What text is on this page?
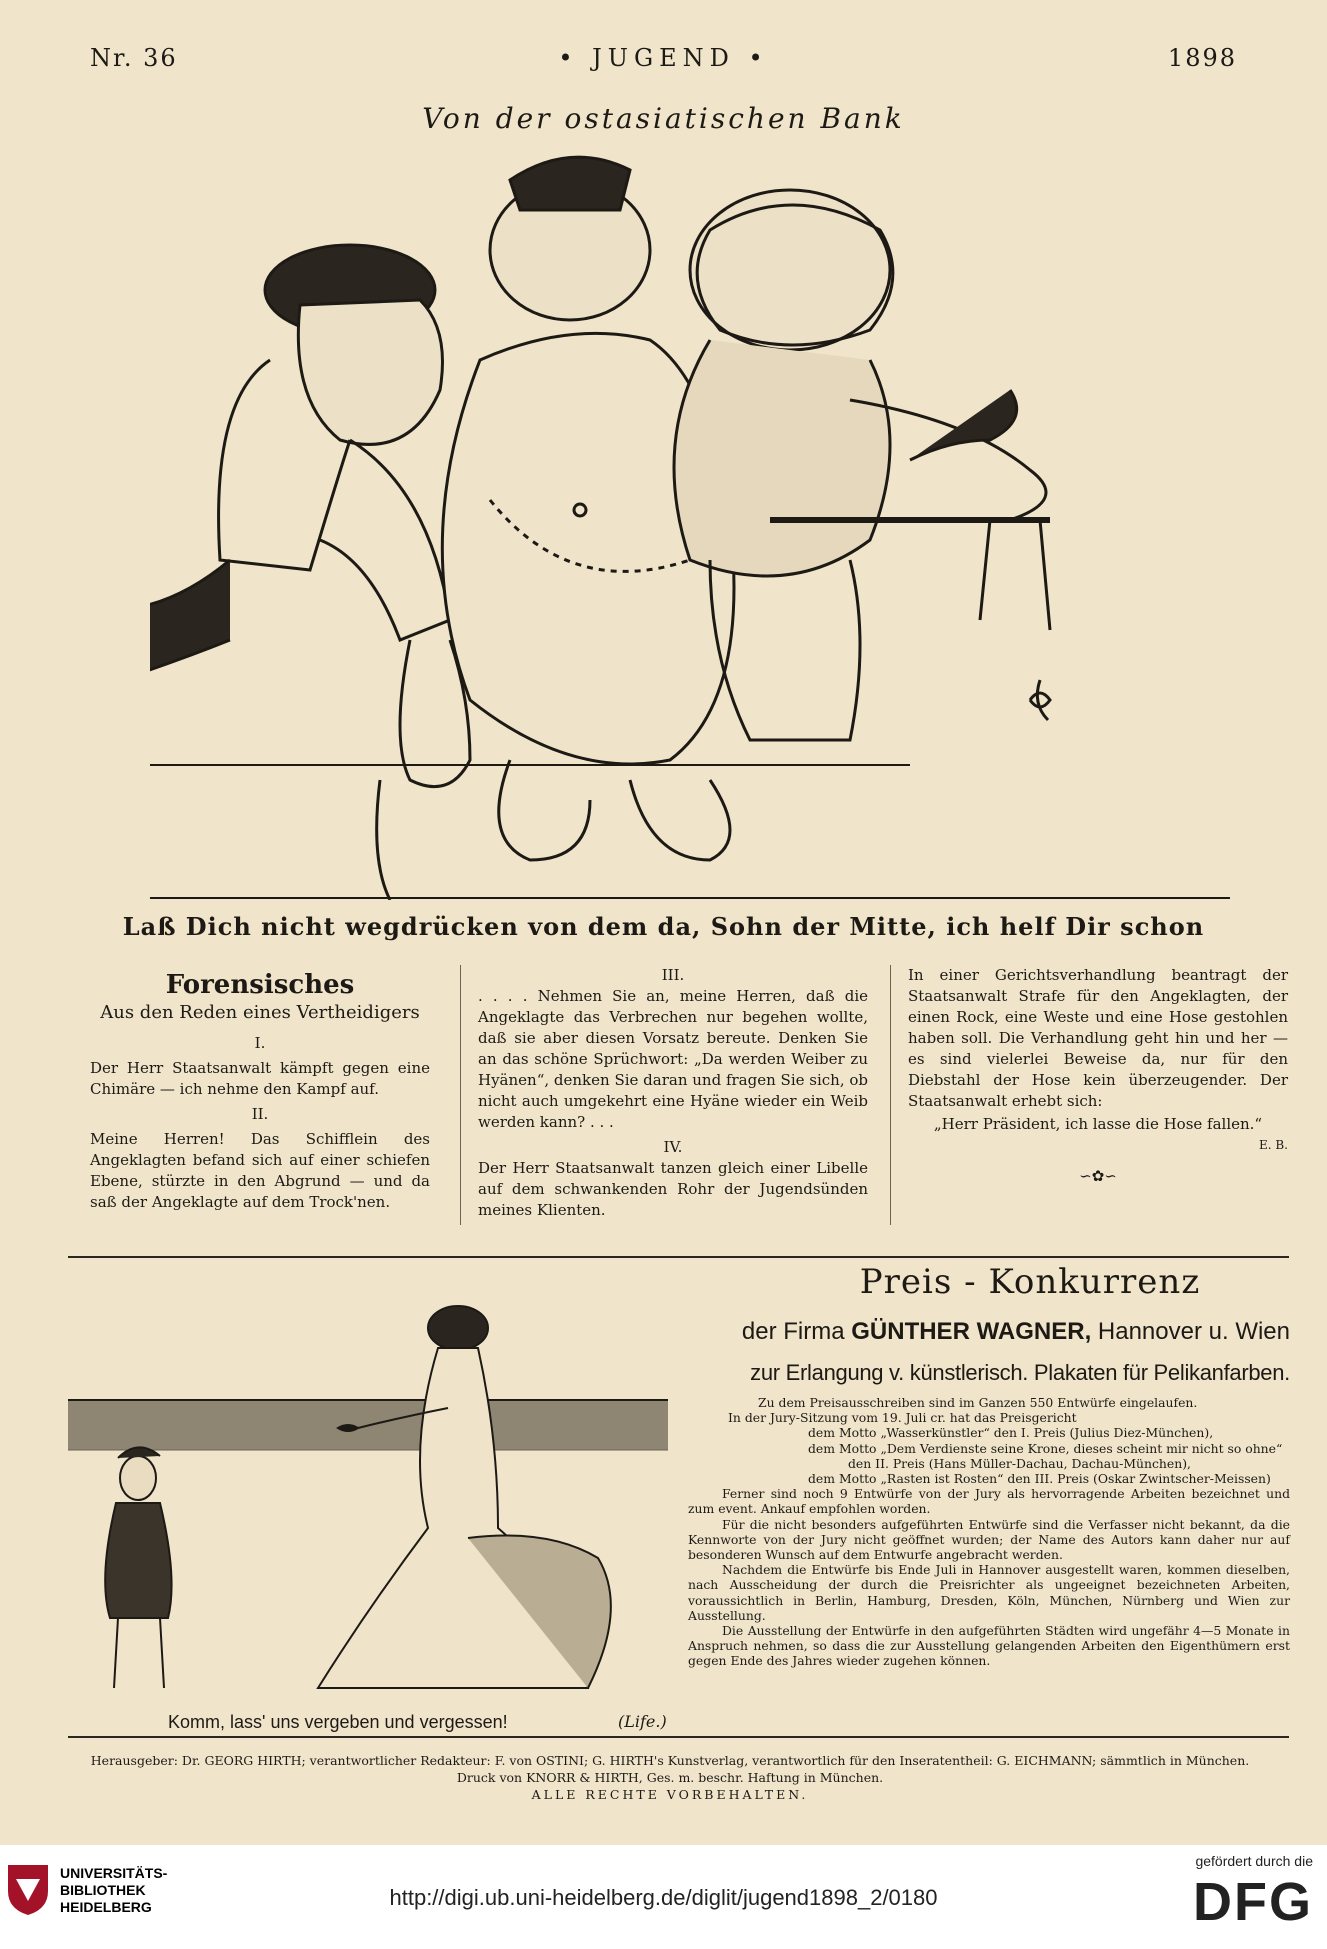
Nr. 36	• JUGEND •	1898
Von der ostasiatischen Bank
Laß Dich nicht wegdrücken von dem da, Sohn der Mitte, ich helf Dir schon

Forensisches

Aus den Reden eines Vertheidigers

I.

Der Herr Staatsanwalt kämpft gegen eine Chimäre — ich nehme den Kampf auf.

II.

Meine Herren! Das Schifflein des Angeklagten befand sich auf einer schiefen Ebene, stürzte in den Abgrund — und da saß der Angeklagte auf dem Trock'nen.

III.

. . . . Nehmen Sie an, meine Herren, daß die Angeklagte das Verbrechen nur begehen wollte, daß sie aber diesen Vorsatz bereute. Denken Sie an das schöne Sprüchwort: „Da werden Weiber zu Hyänen“, denken Sie daran und fragen Sie sich, ob nicht auch umgekehrt eine Hyäne wieder ein Weib werden kann? . . .

IV.

Der Herr Staatsanwalt tanzen gleich einer Libelle auf dem schwankenden Rohr der Jugendsünden meines Klienten.

In einer Gerichtsverhandlung beantragt der Staatsanwalt Strafe für den Angeklagten, der einen Rock, eine Weste und eine Hose gestohlen haben soll. Die Verhandlung geht hin und her — es sind vielerlei Beweise da, nur für den Diebstahl der Hose kein überzeugender. Der Staatsanwalt erhebt sich:

„Herr Präsident, ich lasse die Hose fallen.“

E. B.

∽✿∽

Komm, lass' uns vergeben und vergessen!	(Life.)
Preis - Konkurrenz
der Firma GÜNTHER WAGNER, Hannover u. Wien
zur Erlangung v. künstlerisch. Plakaten für Pelikanfarben.

Zu dem Preisausschreiben sind im Ganzen 550 Entwürfe eingelaufen.

In der Jury-Sitzung vom 19. Juli cr. hat das Preisgericht

dem Motto „Wasserkünstler“ den I. Preis (Julius Diez-München),

dem Motto „Dem Verdienste seine Krone, dieses scheint mir nicht so ohne“

den II. Preis (Hans Müller-Dachau, Dachau-München),

dem Motto „Rasten ist Rosten“ den III. Preis (Oskar Zwintscher-Meissen)

Ferner sind noch 9 Entwürfe von der Jury als hervorragende Arbeiten bezeichnet und zum event. Ankauf empfohlen worden.

Für die nicht besonders aufgeführten Entwürfe sind die Verfasser nicht bekannt, da die Kennworte von der Jury nicht geöffnet wurden; der Name des Autors kann daher nur auf besonderen Wunsch auf dem Entwurfe angebracht werden.

Nachdem die Entwürfe bis Ende Juli in Hannover ausgestellt waren, kommen dieselben, nach Ausscheidung der durch die Preisrichter als ungeeignet bezeichneten Arbeiten, voraussichtlich in Berlin, Hamburg, Dresden, Köln, München, Nürnberg und Wien zur Ausstellung.

Die Ausstellung der Entwürfe in den aufgeführten Städten wird ungefähr 4—5 Monate in Anspruch nehmen, so dass die zur Ausstellung gelangenden Arbeiten den Eigenthümern erst gegen Ende des Jahres wieder zugehen können.

Herausgeber: Dr. GEORG HIRTH; verantwortlicher Redakteur: F. von OSTINI; G. HIRTH's Kunstverlag, verantwortlich für den Inseratentheil: G. EICHMANN; sämmtlich in München.

Druck von KNORR & HIRTH, Ges. m. beschr. Haftung in München.

ALLE RECHTE VORBEHALTEN.

UNIVERSITÄTS-
BIBLIOTHEK
HEIDELBERG	http://digi.ub.uni-heidelberg.de/diglit/jugend1898_2/0180
gefördert durch die
DFG
